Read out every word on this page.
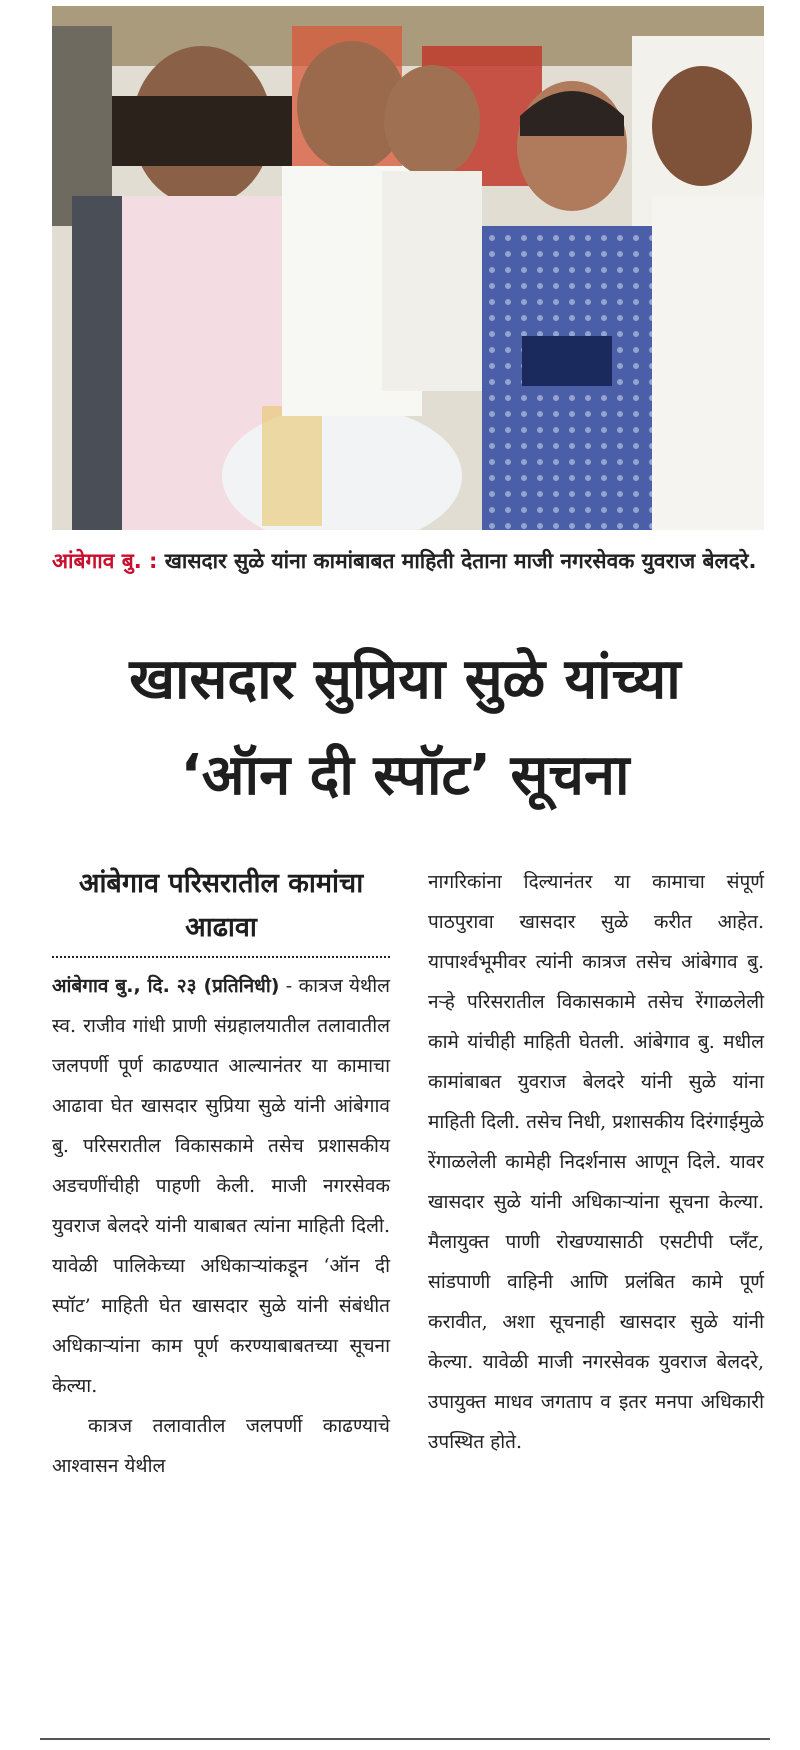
आंबेगाव बु. : खासदार सुळे यांना कामांबाबत माहिती देताना माजी नगरसेवक युवराज बेलदरे.
खासदार सुप्रिया सुळे यांच्या
‘ऑन दी स्पॉट’ सूचना
आंबेगाव परिसरातील कामांचा आढावा

आंबेगाव बु., दि. २३ (प्रतिनिधी) - कात्रज येथील स्व. राजीव गांधी प्राणी संग्रहालयातील तलावातील जलपर्णी पूर्ण काढण्यात आल्यानंतर या कामाचा आढावा घेत खासदार सुप्रिया सुळे यांनी आंबेगाव बु. परिसरातील विकासकामे तसेच प्रशासकीय अडचणींचीही पाहणी केली. माजी नगरसेवक युवराज बेलदरे यांनी याबाबत त्यांना माहिती दिली. यावेळी पालिकेच्या अधिकाऱ्यांकडून ‘ऑन दी स्पॉट’ माहिती घेत खासदार सुळे यांनी संबंधीत अधिकाऱ्यांना काम पूर्ण करण्याबाबतच्या सूचना केल्या.

कात्रज तलावातील जलपर्णी काढण्याचे आश्वासन येथील

नागरिकांना दिल्यानंतर या कामाचा संपूर्ण पाठपुरावा खासदार सुळे करीत आहेत. यापार्श्वभूमीवर त्यांनी कात्रज तसेच आंबेगाव बु. नऱ्हे परिसरातील विकासकामे तसेच रेंगाळलेली कामे यांचीही माहिती घेतली. आंबेगाव बु. मधील कामांबाबत युवराज बेलदरे यांनी सुळे यांना माहिती दिली. तसेच निधी, प्रशासकीय दिरंगाईमुळे रेंगाळलेली कामेही निदर्शनास आणून दिले. यावर खासदार सुळे यांनी अधिकाऱ्यांना सूचना केल्या. मैलायुक्त पाणी रोखण्यासाठी एसटीपी प्लँट, सांडपाणी वाहिनी आणि प्रलंबित कामे पूर्ण करावीत, अशा सूचनाही खासदार सुळे यांनी केल्या. यावेळी माजी नगरसेवक युवराज बेलदरे, उपायुक्त माधव जगताप व इतर मनपा अधिकारी उपस्थित होते.
